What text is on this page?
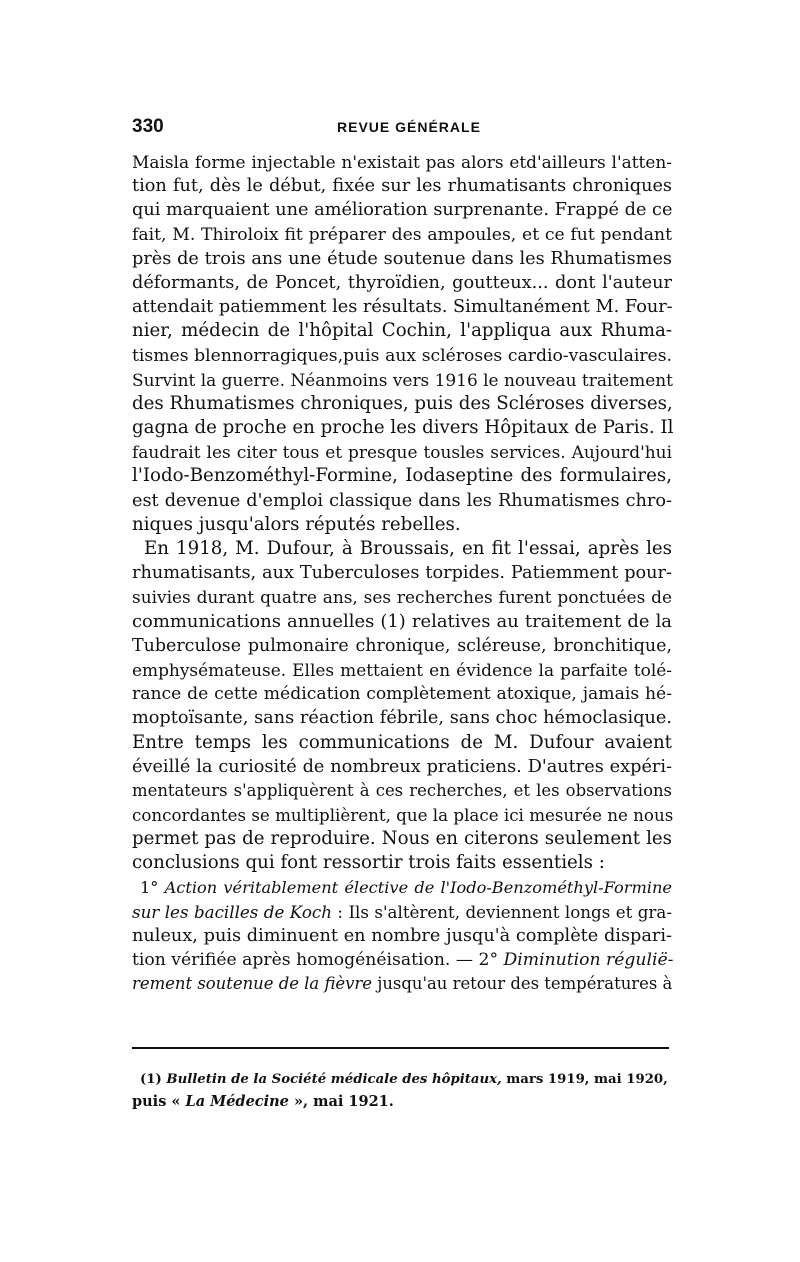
330	REVUE GÉNÉRALE
Maisla forme injectable n'existait pas alors etd'ailleurs l'atten-
tion fut, dès le début, fixée sur les rhumatisants chroniques
qui marquaient une amélioration surprenante. Frappé de ce
fait, M. Thiroloix fit préparer des ampoules, et ce fut pendant
près de trois ans une étude soutenue dans les Rhumatismes
déformants, de Poncet, thyroïdien, goutteux... dont l'auteur
attendait patiemment les résultats. Simultanément M. Four-
nier, médecin de l'hôpital Cochin, l'appliqua aux Rhuma-
tismes blennorragiques,puis aux scléroses cardio-vasculaires.
Survint la guerre. Néanmoins vers 1916 le nouveau traitement
des Rhumatismes chroniques, puis des Scléroses diverses,
gagna de proche en proche les divers Hôpitaux de Paris. Il
faudrait les citer tous et presque tousles services. Aujourd'hui
l'Iodo-Benzométhyl-Formine, Iodaseptine des formulaires,
est devenue d'emploi classique dans les Rhumatismes chro-
niques jusqu'alors réputés rebelles.
En 1918, M. Dufour, à Broussais, en fit l'essai, après les
rhumatisants, aux Tuberculoses torpides. Patiemment pour-
suivies durant quatre ans, ses recherches furent ponctuées de
communications annuelles (1) relatives au traitement de la
Tuberculose pulmonaire chronique, scléreuse, bronchitique,
emphysémateuse. Elles mettaient en évidence la parfaite tolé-
rance de cette médication complètement atoxique, jamais hé-
moptoïsante, sans réaction fébrile, sans choc hémoclasique.
Entre temps les communications de M. Dufour avaient
éveillé la curiosité de nombreux praticiens. D'autres expéri-
mentateurs s'appliquèrent à ces recherches, et les observations
concordantes se multiplièrent, que la place ici mesurée ne nous
permet pas de reproduire. Nous en citerons seulement les
conclusions qui font ressortir trois faits essentiels :
1° Action véritablement élective de l'Iodo-Benzométhyl-Formine
sur les bacilles de Koch : Ils s'altèrent, deviennent longs et gra-
nuleux, puis diminuent en nombre jusqu'à complète dispari-
tion vérifiée après homogénéisation. — 2° Diminution régulië-
rement soutenue de la fièvre jusqu'au retour des températures à
(1) Bulletin de la Société médicale des hôpitaux, mars 1919, mai 1920,
puis « La Médecine », mai 1921.
